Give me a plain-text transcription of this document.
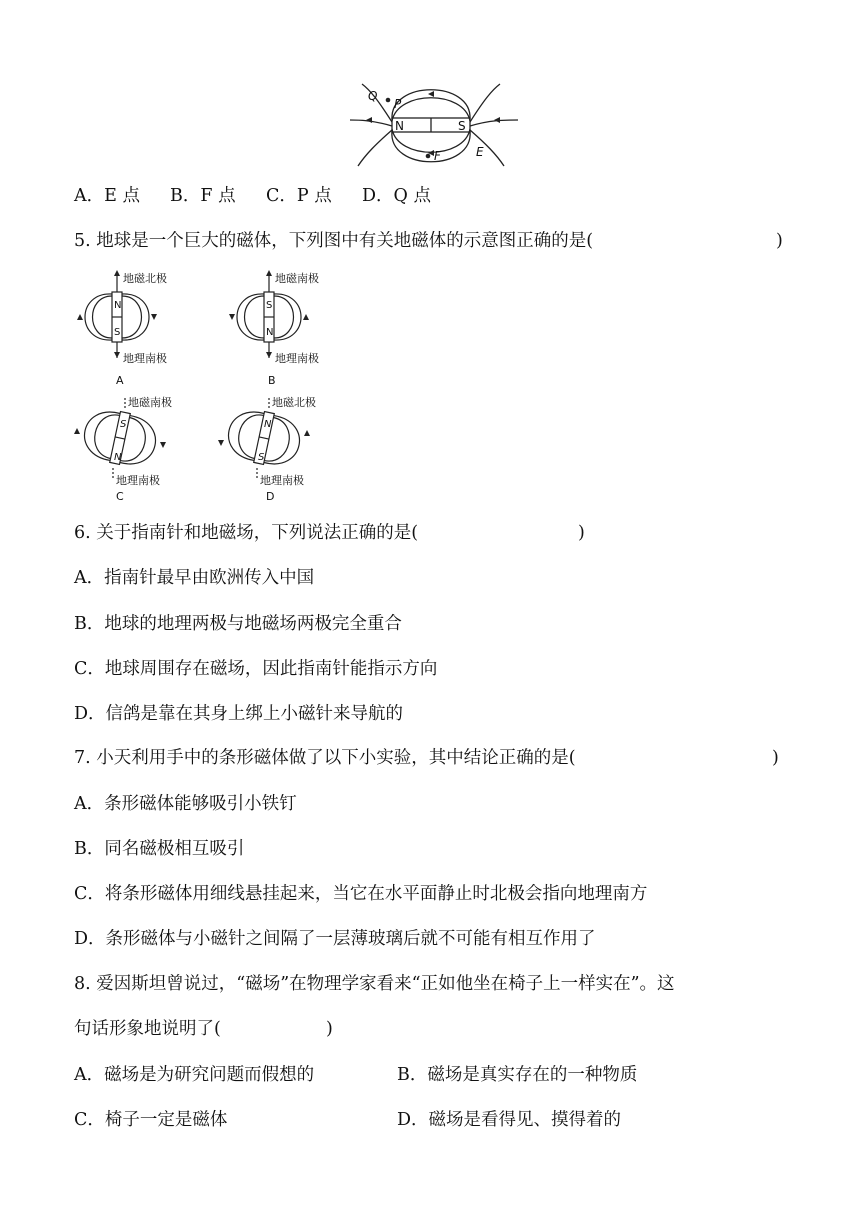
Q
P
F	E
N	S
A．E 点 B．F 点 C．P 点 D．Q 点
5. 地球是一个巨大的磁体，下列图中有关地磁体的示意图正确的是(	)
地磁北极
N
S
地理南极
A
地磁南极
S
N
地理南极
B
地磁南极
S
N
地理南极
C
地磁北极
N
S
地理南极
D
6. 关于指南针和地磁场，下列说法正确的是(	)
A．指南针最早由欧洲传入中国
B．地球的地理两极与地磁场两极完全重合
C．地球周围存在磁场，因此指南针能指示方向
D．信鸽是靠在其身上绑上小磁针来导航的
7. 小天利用手中的条形磁体做了以下小实验，其中结论正确的是(	)
A．条形磁体能够吸引小铁钉
B．同名磁极相互吸引
C．将条形磁体用细线悬挂起来，当它在水平面静止时北极会指向地理南方
D．条形磁体与小磁针之间隔了一层薄玻璃后就不可能有相互作用了
8. 爱因斯坦曾说过，“磁场”在物理学家看来“正如他坐在椅子上一样实在”。这
句话形象地说明了(	)
A．磁场是为研究问题而假想的	B．磁场是真实存在的一种物质
C．椅子一定是磁体	D．磁场是看得见、摸得着的
